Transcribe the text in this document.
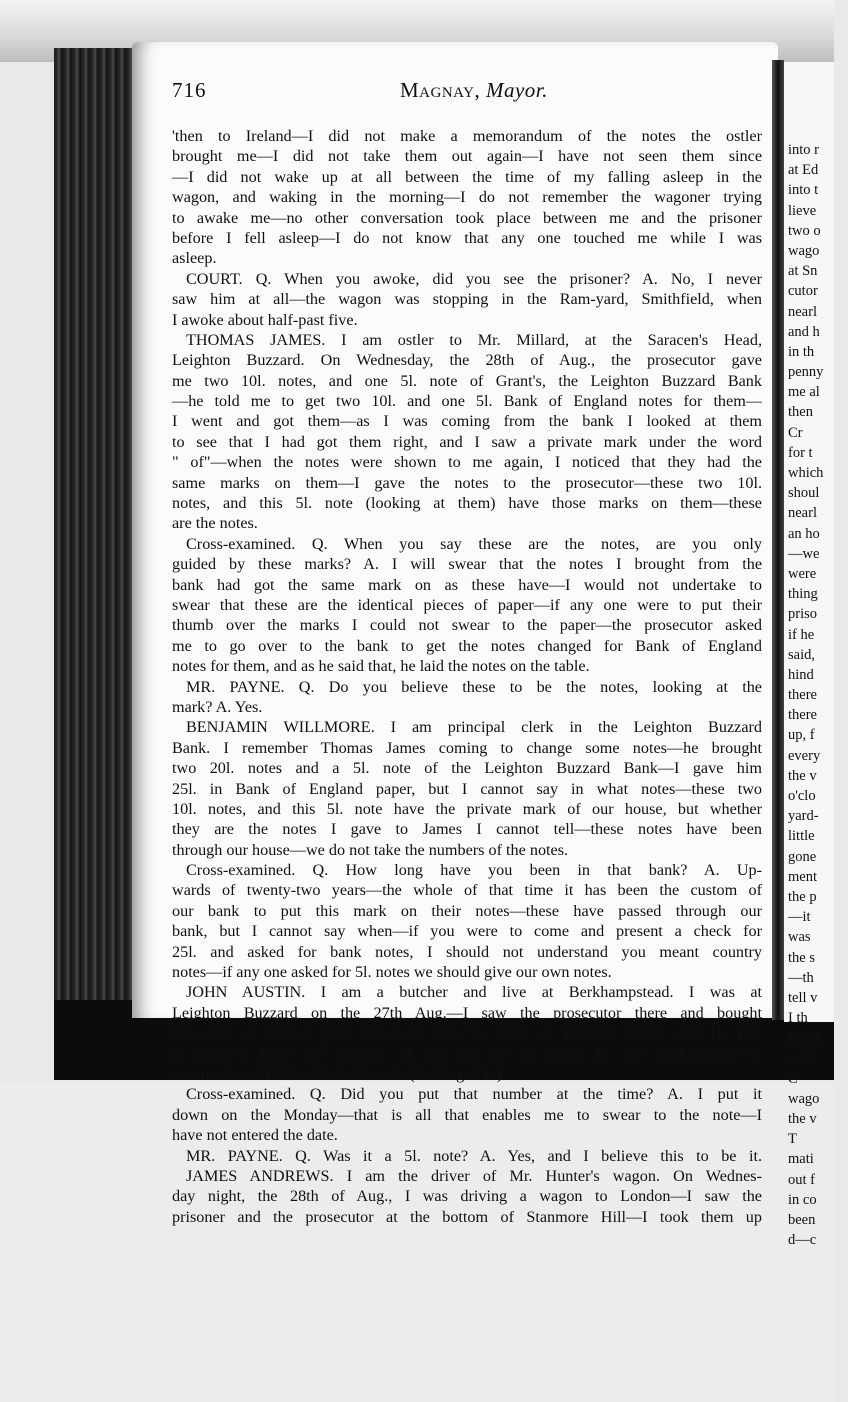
into r
at Ed
into t
lieve
two o
wago
at Sn
cutor
nearl
and h
in th
penny
me al
then
Cr
for t
which
shoul
nearl
an ho
—we
were
thing
priso
if he
said,
hind
there
there
up, f
every
the v
o'clo
yard-
little
gone
ment
the p
—it
was
the s
—th
tell v
I th
Lond
rema
C
wago
the v
T
mati
out f
in co
been
d—c
716	Magnay, Mayor.
'then to Ireland—I did not make a memorandum of the notes the ostler
brought me—I did not take them out again—I have not seen them since
—I did not wake up at all between the time of my falling asleep in the
wagon, and waking in the morning—I do not remember the wagoner trying
to awake me—no other conversation took place between me and the prisoner
before I fell asleep—I do not know that any one touched me while I was
asleep.
COURT. Q. When you awoke, did you see the prisoner? A. No, I never
saw him at all—the wagon was stopping in the Ram-yard, Smithfield, when
I awoke about half-past five.
THOMAS JAMES. I am ostler to Mr. Millard, at the Saracen's Head,
Leighton Buzzard. On Wednesday, the 28th of Aug., the prosecutor gave
me two 10l. notes, and one 5l. note of Grant's, the Leighton Buzzard Bank
—he told me to get two 10l. and one 5l. Bank of England notes for them—
I went and got them—as I was coming from the bank I looked at them
to see that I had got them right, and I saw a private mark under the word
" of"—when the notes were shown to me again, I noticed that they had the
same marks on them—I gave the notes to the prosecutor—these two 10l.
notes, and this 5l. note (looking at them) have those marks on them—these
are the notes.
Cross-examined. Q. When you say these are the notes, are you only
guided by these marks? A. I will swear that the notes I brought from the
bank had got the same mark on as these have—I would not undertake to
swear that these are the identical pieces of paper—if any one were to put their
thumb over the marks I could not swear to the paper—the prosecutor asked
me to go over to the bank to get the notes changed for Bank of England
notes for them, and as he said that, he laid the notes on the table.
MR. PAYNE. Q. Do you believe these to be the notes, looking at the
mark? A. Yes.
BENJAMIN WILLMORE. I am principal clerk in the Leighton Buzzard
Bank. I remember Thomas James coming to change some notes—he brought
two 20l. notes and a 5l. note of the Leighton Buzzard Bank—I gave him
25l. in Bank of England paper, but I cannot say in what notes—these two
10l. notes, and this 5l. note have the private mark of our house, but whether
they are the notes I gave to James I cannot tell—these notes have been
through our house—we do not take the numbers of the notes.
Cross-examined. Q. How long have you been in that bank? A. Up-
wards of twenty-two years—the whole of that time it has been the custom of
our bank to put this mark on their notes—these have passed through our
bank, but I cannot say when—if you were to come and present a check for
25l. and asked for bank notes, I should not understand you meant country
notes—if any one asked for 5l. notes we should give our own notes.
JOHN AUSTIN. I am a butcher and live at Berkhampstead. I was at
Leighton Buzzard on the 27th Aug.—I saw the prosecutor there and bought
two pigs of him—I paid him with two 5l. Bank of England notes, and 1l. 10s.
in cash—I have the number of one of the 5l. notes in my pocket-book—it
was number 41792—this is the note (looking at it.)
Cross-examined. Q. Did you put that number at the time? A. I put it
down on the Monday—that is all that enables me to swear to the note—I
have not entered the date.
MR. PAYNE. Q. Was it a 5l. note? A. Yes, and I believe this to be it.
JAMES ANDREWS. I am the driver of Mr. Hunter's wagon. On Wednes-
day night, the 28th of Aug., I was driving a wagon to London—I saw the
prisoner and the prosecutor at the bottom of Stanmore Hill—I took them up
